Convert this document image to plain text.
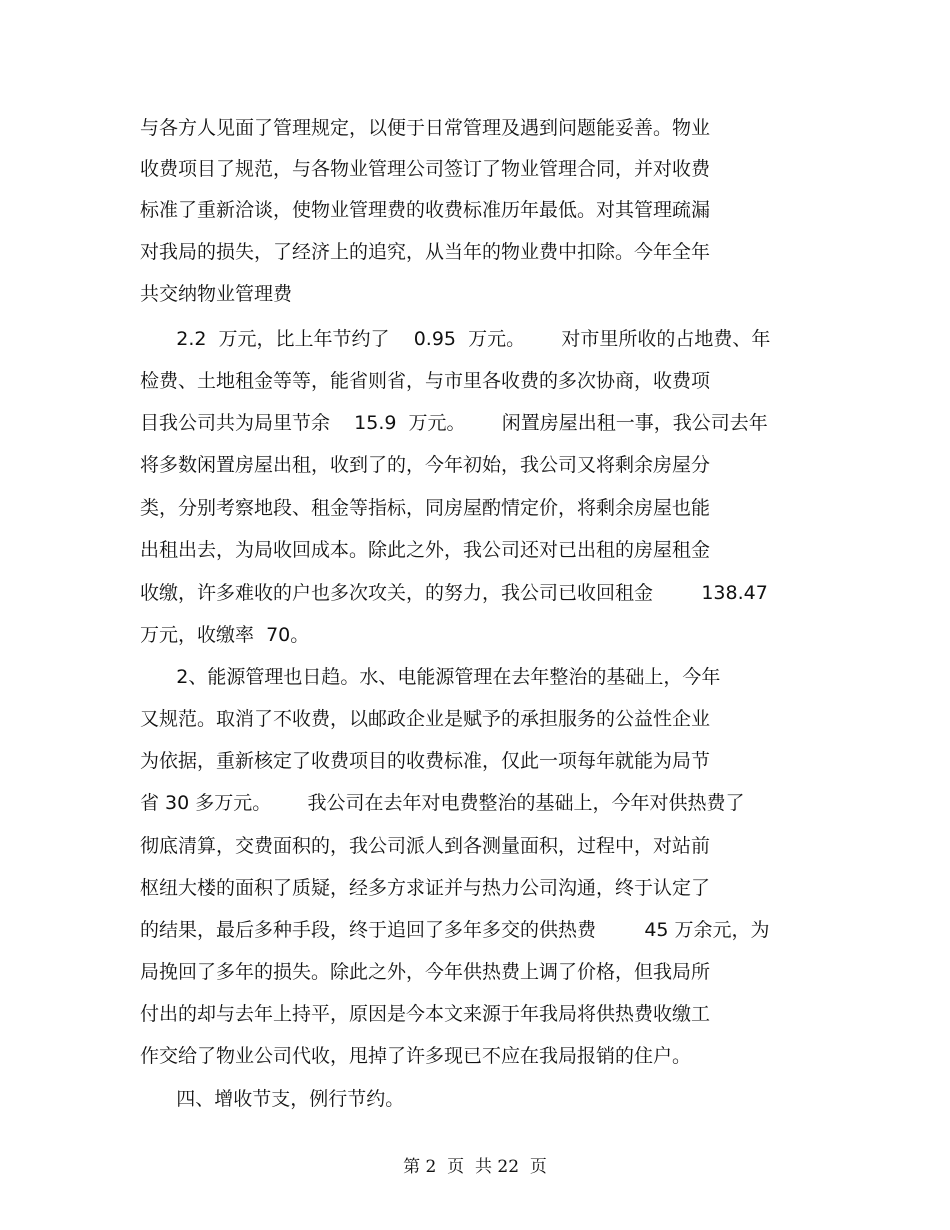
与各方人见面了管理规定，以便于日常管理及遇到问题能妥善。物业
收费项目了规范，与各物业管理公司签订了物业管理合同，并对收费
标准了重新洽谈，使物业管理费的收费标准历年最低。对其管理疏漏
对我局的损失，了经济上的追究，从当年的物业费中扣除。今年全年
共交纳物业管理费
2.2  万元，比上年节约了    0.95  万元。      对市里所收的占地费、年
检费、土地租金等等，能省则省，与市里各收费的多次协商，收费项
目我公司共为局里节余    15.9  万元。      闲置房屋出租一事，我公司去年
将多数闲置房屋出租，收到了的，今年初始，我公司又将剩余房屋分
类，分别考察地段、租金等指标，同房屋酌情定价，将剩余房屋也能
出租出去，为局收回成本。除此之外，我公司还对已出租的房屋租金
收缴，许多难收的户也多次攻关，的努力，我公司已收回租金        138.47
万元，收缴率  70。
2、能源管理也日趋。水、电能源管理在去年整治的基础上，今年
又规范。取消了不收费，以邮政企业是赋予的承担服务的公益性企业
为依据，重新核定了收费项目的收费标准，仅此一项每年就能为局节
省 30 多万元。      我公司在去年对电费整治的基础上，今年对供热费了
彻底清算，交费面积的，我公司派人到各测量面积，过程中，对站前
枢纽大楼的面积了质疑，经多方求证并与热力公司沟通，终于认定了
的结果，最后多种手段，终于追回了多年多交的供热费        45 万余元，为
局挽回了多年的损失。除此之外，今年供热费上调了价格，但我局所
付出的却与去年上持平，原因是今本文来源于年我局将供热费收缴工
作交给了物业公司代收，甩掉了许多现已不应在我局报销的住户。
四、增收节支，例行节约。
第 2  页  共 22  页
